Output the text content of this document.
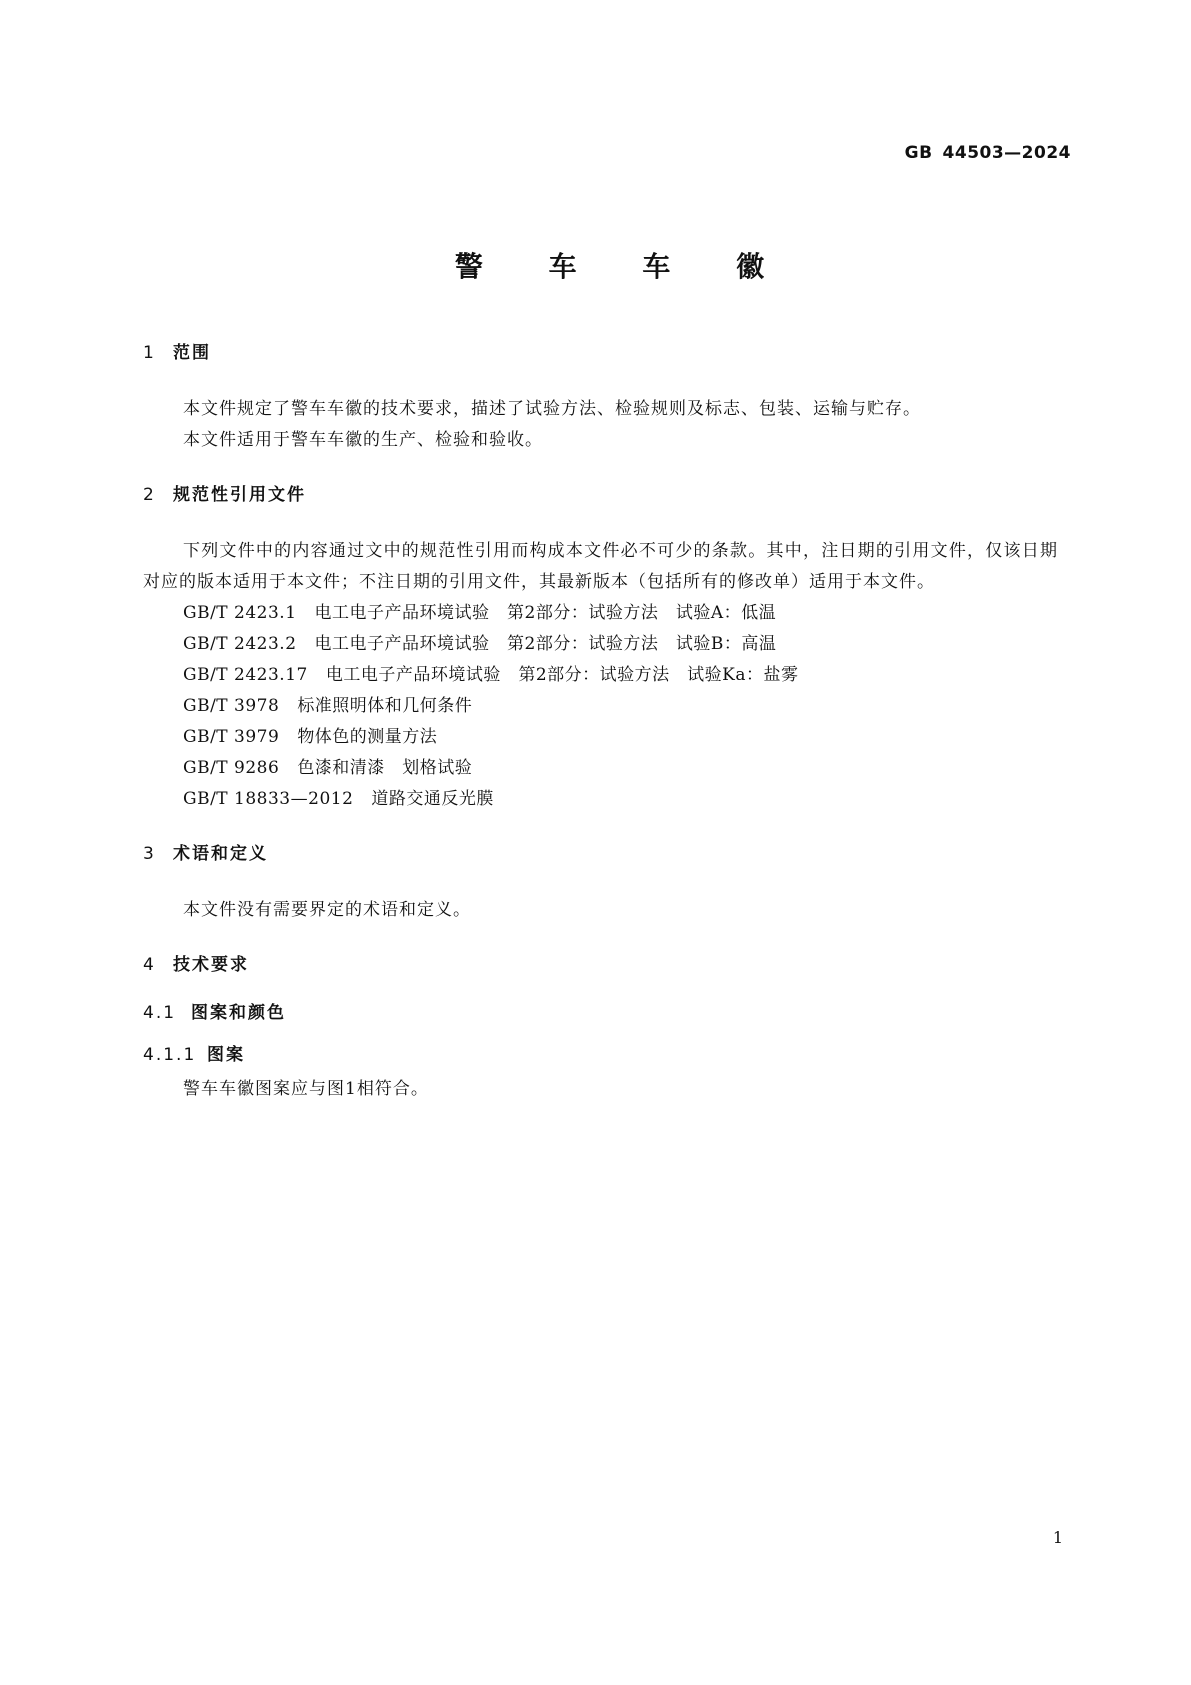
GB 44503—2024
警 车 车 徽
1 范围
本文件规定了警车车徽的技术要求，描述了试验方法、检验规则及标志、包装、运输与贮存。
本文件适用于警车车徽的生产、检验和验收。
2 规范性引用文件
下列文件中的内容通过文中的规范性引用而构成本文件必不可少的条款。其中，注日期的引用文件，仅该日期对应的版本适用于本文件；不注日期的引用文件，其最新版本（包括所有的修改单）适用于本文件。
GB/T 2423.1 电工电子产品环境试验　第2部分：试验方法　试验A：低温
GB/T 2423.2 电工电子产品环境试验　第2部分：试验方法　试验B：高温
GB/T 2423.17 电工电子产品环境试验　第2部分：试验方法　试验Ka：盐雾
GB/T 3978 标准照明体和几何条件
GB/T 3979 物体色的测量方法
GB/T 9286 色漆和清漆　划格试验
GB/T 18833—2012 道路交通反光膜
3 术语和定义
本文件没有需要界定的术语和定义。
4 技术要求
4.1 图案和颜色
4.1.1 图案
警车车徽图案应与图1相符合。
1
